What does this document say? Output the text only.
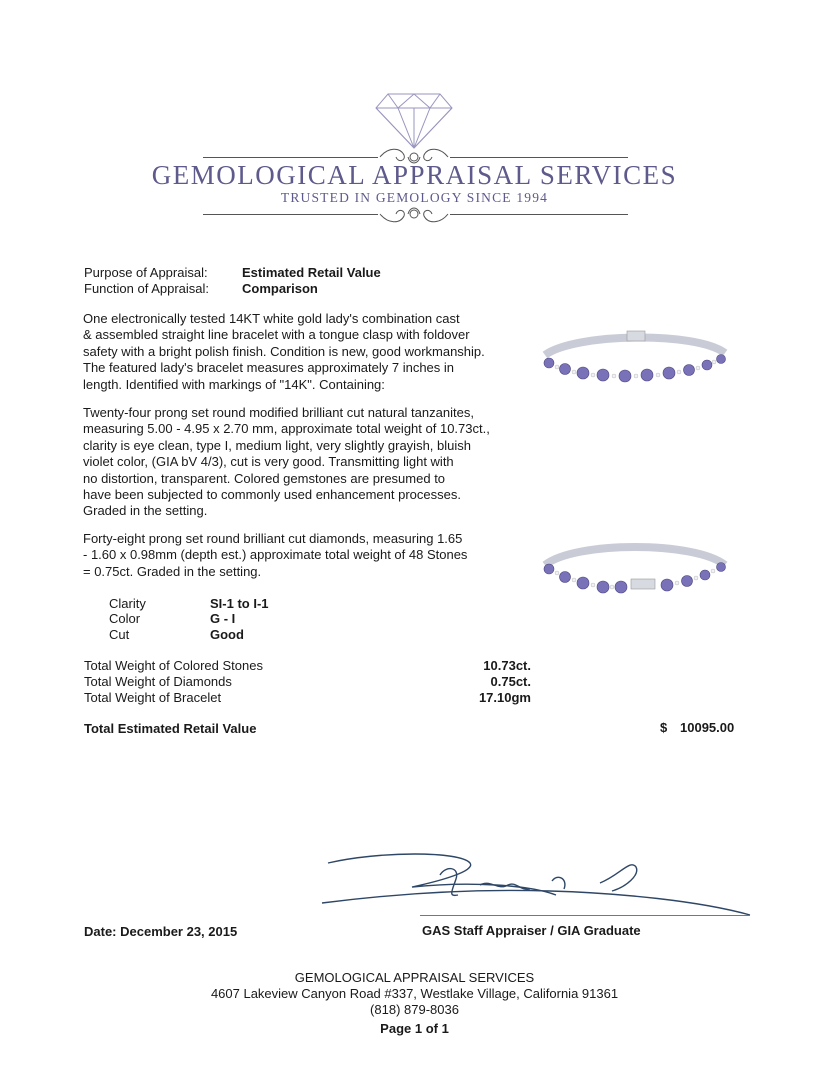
GEMOLOGICAL APPRAISAL SERVICES
TRUSTED IN GEMOLOGY SINCE 1994
Purpose of Appraisal:	Estimated Retail Value
Function of Appraisal:	Comparison

One electronically tested 14KT white gold lady's combination cast

& assembled straight line bracelet with a tongue clasp with foldover

safety with a bright polish finish. Condition is new, good workmanship.

The featured lady's bracelet measures approximately 7 inches in

length. Identified with markings of "14K". Containing:

Twenty-four prong set round modified brilliant cut natural tanzanites,

measuring 5.00 - 4.95 x 2.70 mm, approximate total weight of 10.73ct.,

clarity is eye clean, type I, medium light, very slightly grayish, bluish

violet color, (GIA bV 4/3), cut is very good. Transmitting light with

no distortion, transparent. Colored gemstones are presumed to

have been subjected to commonly used enhancement processes.

Graded in the setting.

Forty-eight prong set round brilliant cut diamonds, measuring 1.65

- 1.60 x 0.98mm (depth est.) approximate total weight of 48 Stones

= 0.75ct. Graded in the setting.

Clarity	SI-1 to I-1
Color	G - I
Cut	Good
Total Weight of Colored Stones	10.73ct.
Total Weight of Diamonds	0.75ct.
Total Weight of Bracelet	17.10gm
Total Estimated Retail Value	$ 10095.00
Date: December 23, 2015	GAS Staff Appraiser / GIA Graduate
GEMOLOGICAL APPRAISAL SERVICES
4607 Lakeview Canyon Road #337, Westlake Village, California 91361
(818) 879-8036
Page 1 of 1
